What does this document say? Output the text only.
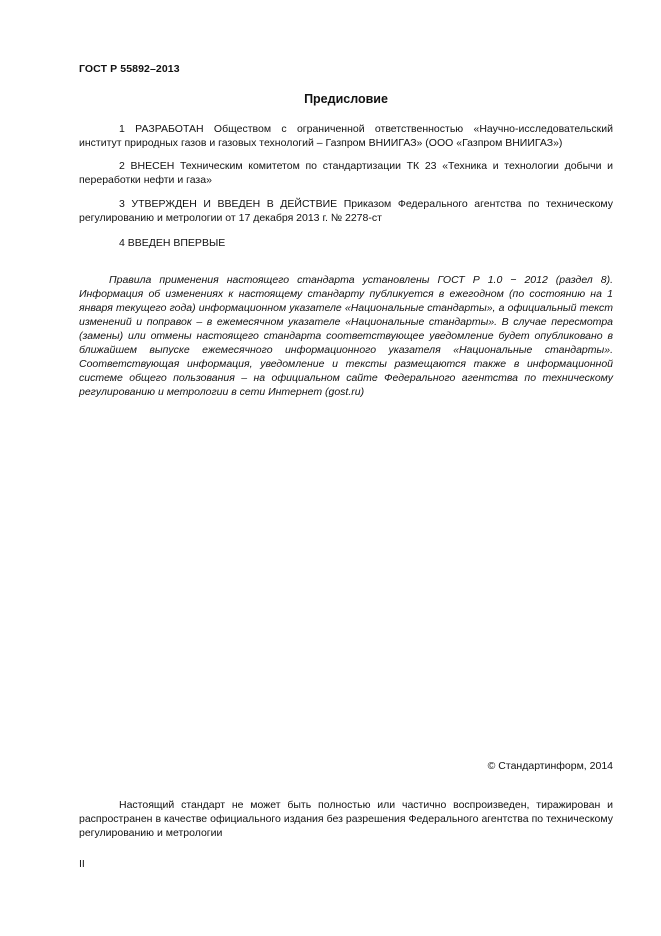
ГОСТ Р 55892–2013
Предисловие
1 РАЗРАБОТАН Обществом с ограниченной ответственностью «Научно-исследовательский институт природных газов и газовых технологий – Газпром ВНИИГАЗ» (ООО «Газпром ВНИИГАЗ»)
2 ВНЕСЕН Техническим комитетом по стандартизации ТК 23 «Техника и технологии добычи и переработки нефти и газа»
3 УТВЕРЖДЕН И ВВЕДЕН В ДЕЙСТВИЕ Приказом Федерального агентства по техническому регулированию и метрологии от 17 декабря 2013 г. № 2278-ст
4 ВВЕДЕН ВПЕРВЫЕ
Правила применения настоящего стандарта установлены ГОСТ Р 1.0 − 2012 (раздел 8). Информация об изменениях к настоящему стандарту публикуется в ежегодном (по состоянию на 1 января текущего года) информационном указателе «Национальные стандарты», а официальный текст изменений и поправок – в ежемесячном указателе «Национальные стандарты». В случае пересмотра (замены) или отмены настоящего стандарта соответствующее уведомление будет опубликовано в ближайшем выпуске ежемесячного информационного указателя «Национальные стандарты». Соответствующая информация, уведомление и тексты размещаются также в информационной системе общего пользования – на официальном сайте Федерального агентства по техническому регулированию и метрологии в сети Интернет (gost.ru)
© Стандартинформ, 2014
Настоящий стандарт не может быть полностью или частично воспроизведен, тиражирован и распространен в качестве официального издания без разрешения Федерального агентства по техническому регулированию и метрологии
II
